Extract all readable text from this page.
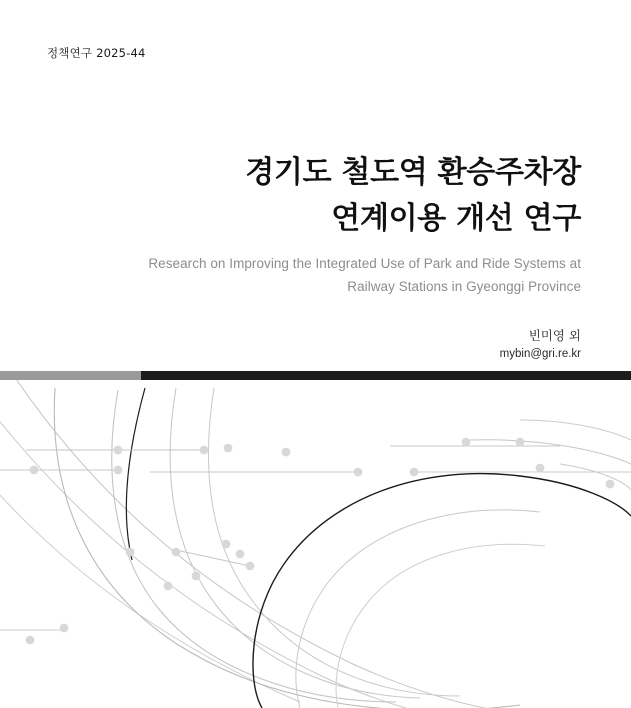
정책연구 2025-44
경기도 철도역 환승주차장
연계이용 개선 연구
Research on Improving the Integrated Use of Park and Ride Systems at
Railway Stations in Gyeonggi Province
빈미영 외
mybin@gri.re.kr
